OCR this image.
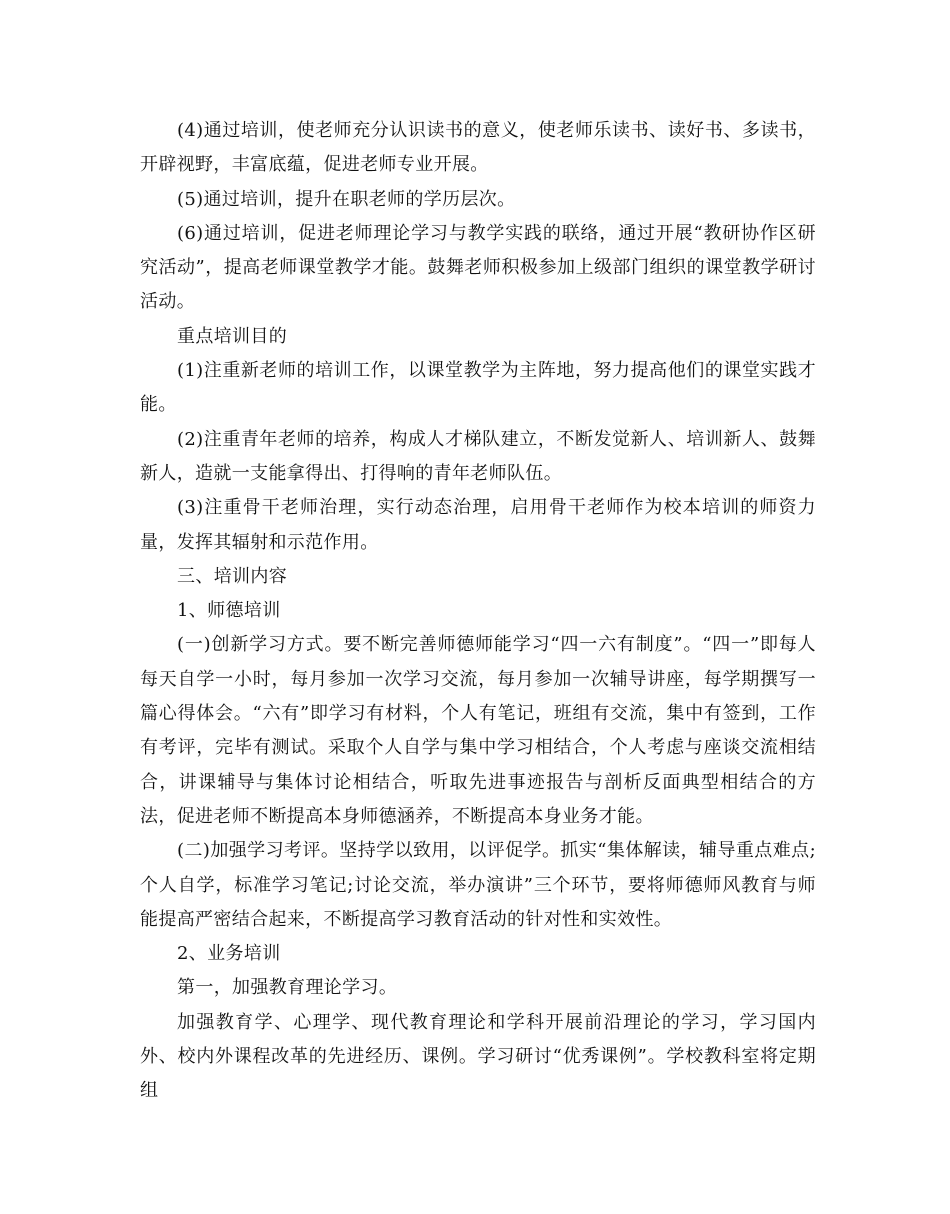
(4)通过培训，使老师充分认识读书的意义，使老师乐读书、读好书、多读书，开辟视野，丰富底蕴，促进老师专业开展。

(5)通过培训，提升在职老师的学历层次。

(6)通过培训，促进老师理论学习与教学实践的联络，通过开展“教研协作区研究活动”，提高老师课堂教学才能。鼓舞老师积极参加上级部门组织的课堂教学研讨活动。

重点培训目的

(1)注重新老师的培训工作，以课堂教学为主阵地，努力提高他们的课堂实践才能。

(2)注重青年老师的培养，构成人才梯队建立，不断发觉新人、培训新人、鼓舞新人，造就一支能拿得出、打得响的青年老师队伍。

(3)注重骨干老师治理，实行动态治理，启用骨干老师作为校本培训的师资力量，发挥其辐射和示范作用。

三、培训内容

1、师德培训

(一)创新学习方式。要不断完善师德师能学习“四一六有制度”。“四一”即每人每天自学一小时，每月参加一次学习交流，每月参加一次辅导讲座，每学期撰写一篇心得体会。“六有”即学习有材料，个人有笔记，班组有交流，集中有签到，工作有考评，完毕有测试。采取个人自学与集中学习相结合，个人考虑与座谈交流相结合，讲课辅导与集体讨论相结合，听取先进事迹报告与剖析反面典型相结合的方法，促进老师不断提高本身师德涵养，不断提高本身业务才能。

(二)加强学习考评。坚持学以致用，以评促学。抓实“集体解读，辅导重点难点;个人自学，标准学习笔记;讨论交流，举办演讲”三个环节，要将师德师风教育与师能提高严密结合起来，不断提高学习教育活动的针对性和实效性。

2、业务培训

第一，加强教育理论学习。

加强教育学、心理学、现代教育理论和学科开展前沿理论的学习，学习国内外、校内外课程改革的先进经历、课例。学习研讨“优秀课例”。学校教科室将定期组
